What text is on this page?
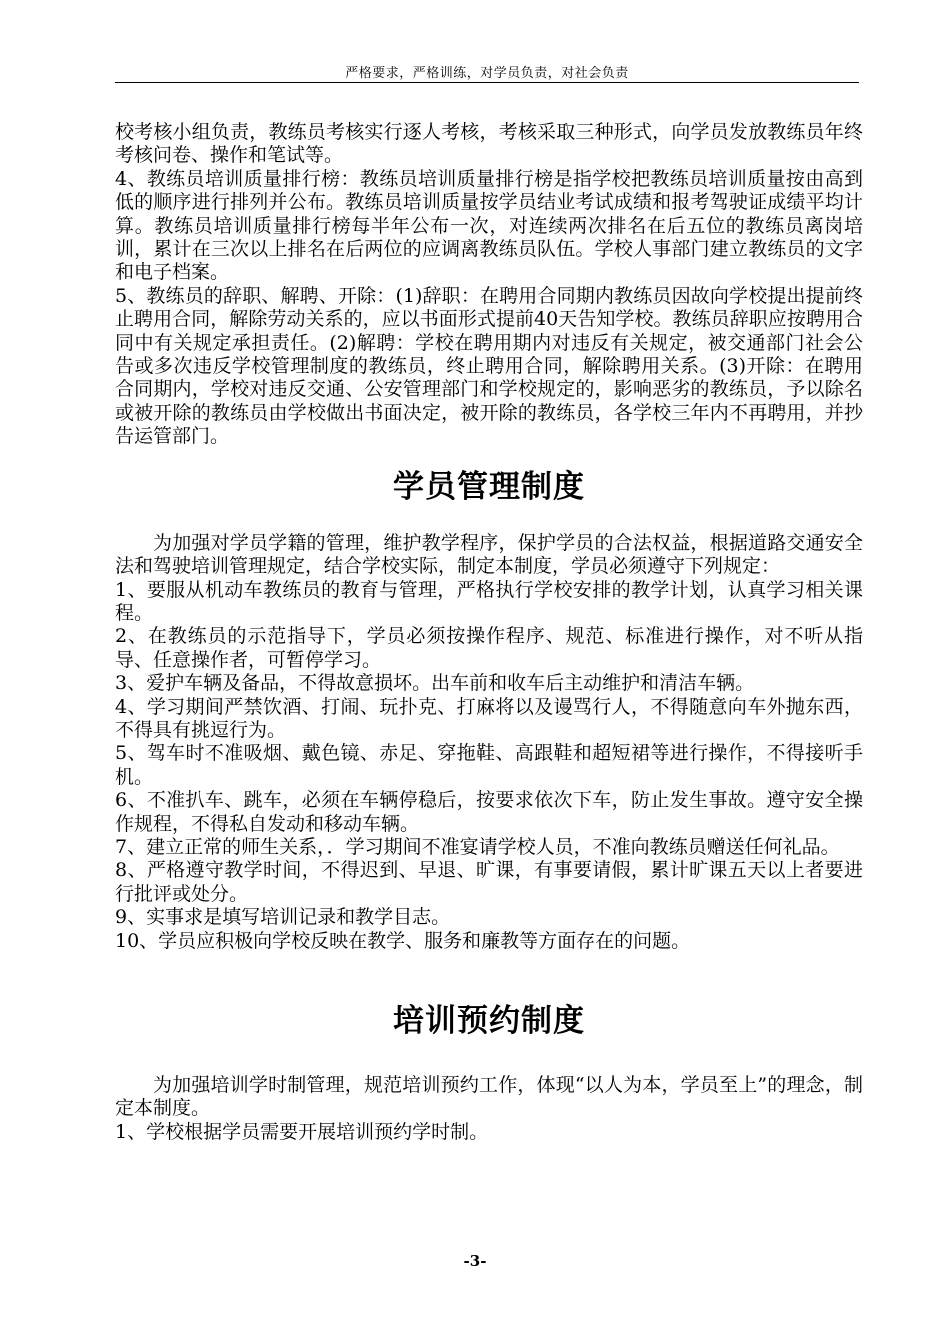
严格要求，严格训练，对学员负责，对社会负责

校考核小组负责，教练员考核实行逐人考核，考核采取三种形式，向学员发放教练员年终考核问卷、操作和笔试等。

4、教练员培训质量排行榜：教练员培训质量排行榜是指学校把教练员培训质量按由高到低的顺序进行排列并公布。教练员培训质量按学员结业考试成绩和报考驾驶证成绩平均计算。教练员培训质量排行榜每半年公布一次，对连续两次排名在后五位的教练员离岗培训，累计在三次以上排名在后两位的应调离教练员队伍。学校人事部门建立教练员的文字和电子档案。

5、教练员的辞职、解聘、开除：(1)辞职：在聘用合同期内教练员因故向学校提出提前终止聘用合同，解除劳动关系的，应以书面形式提前40天告知学校。教练员辞职应按聘用合同中有关规定承担责任。(2)解聘：学校在聘用期内对违反有关规定，被交通部门社会公告或多次违反学校管理制度的教练员，终止聘用合同，解除聘用关系。(3)开除：在聘用合同期内，学校对违反交通、公安管理部门和学校规定的，影响恶劣的教练员，予以除名或被开除的教练员由学校做出书面决定，被开除的教练员，各学校三年内不再聘用，并抄告运管部门。

学员管理制度

为加强对学员学籍的管理，维护教学程序，保护学员的合法权益，根据道路交通安全法和驾驶培训管理规定，结合学校实际，制定本制度，学员必须遵守下列规定：

1、要服从机动车教练员的教育与管理，严格执行学校安排的教学计划，认真学习相关课程。

2、在教练员的示范指导下，学员必须按操作程序、规范、标准进行操作，对不听从指导、任意操作者，可暂停学习。

3、爱护车辆及备品，不得故意损坏。出车前和收车后主动维护和清洁车辆。

4、学习期间严禁饮酒、打闹、玩扑克、打麻将以及谩骂行人，不得随意向车外抛东西，不得具有挑逗行为。

5、驾车时不准吸烟、戴色镜、赤足、穿拖鞋、高跟鞋和超短裙等进行操作，不得接听手机。

6、不准扒车、跳车，必须在车辆停稳后，按要求依次下车，防止发生事故。遵守安全操作规程，不得私自发动和移动车辆。

7、建立正常的师生关系，．学习期间不准宴请学校人员，不准向教练员赠送任何礼品。

8、严格遵守教学时间，不得迟到、早退、旷课，有事要请假，累计旷课五天以上者要进行批评或处分。

9、实事求是填写培训记录和教学目志。

10、学员应积极向学校反映在教学、服务和廉教等方面存在的问题。

培训预约制度

为加强培训学时制管理，规范培训预约工作，体现“以人为本，学员至上”的理念，制定本制度。

1、学校根据学员需要开展培训预约学时制。

-3-
